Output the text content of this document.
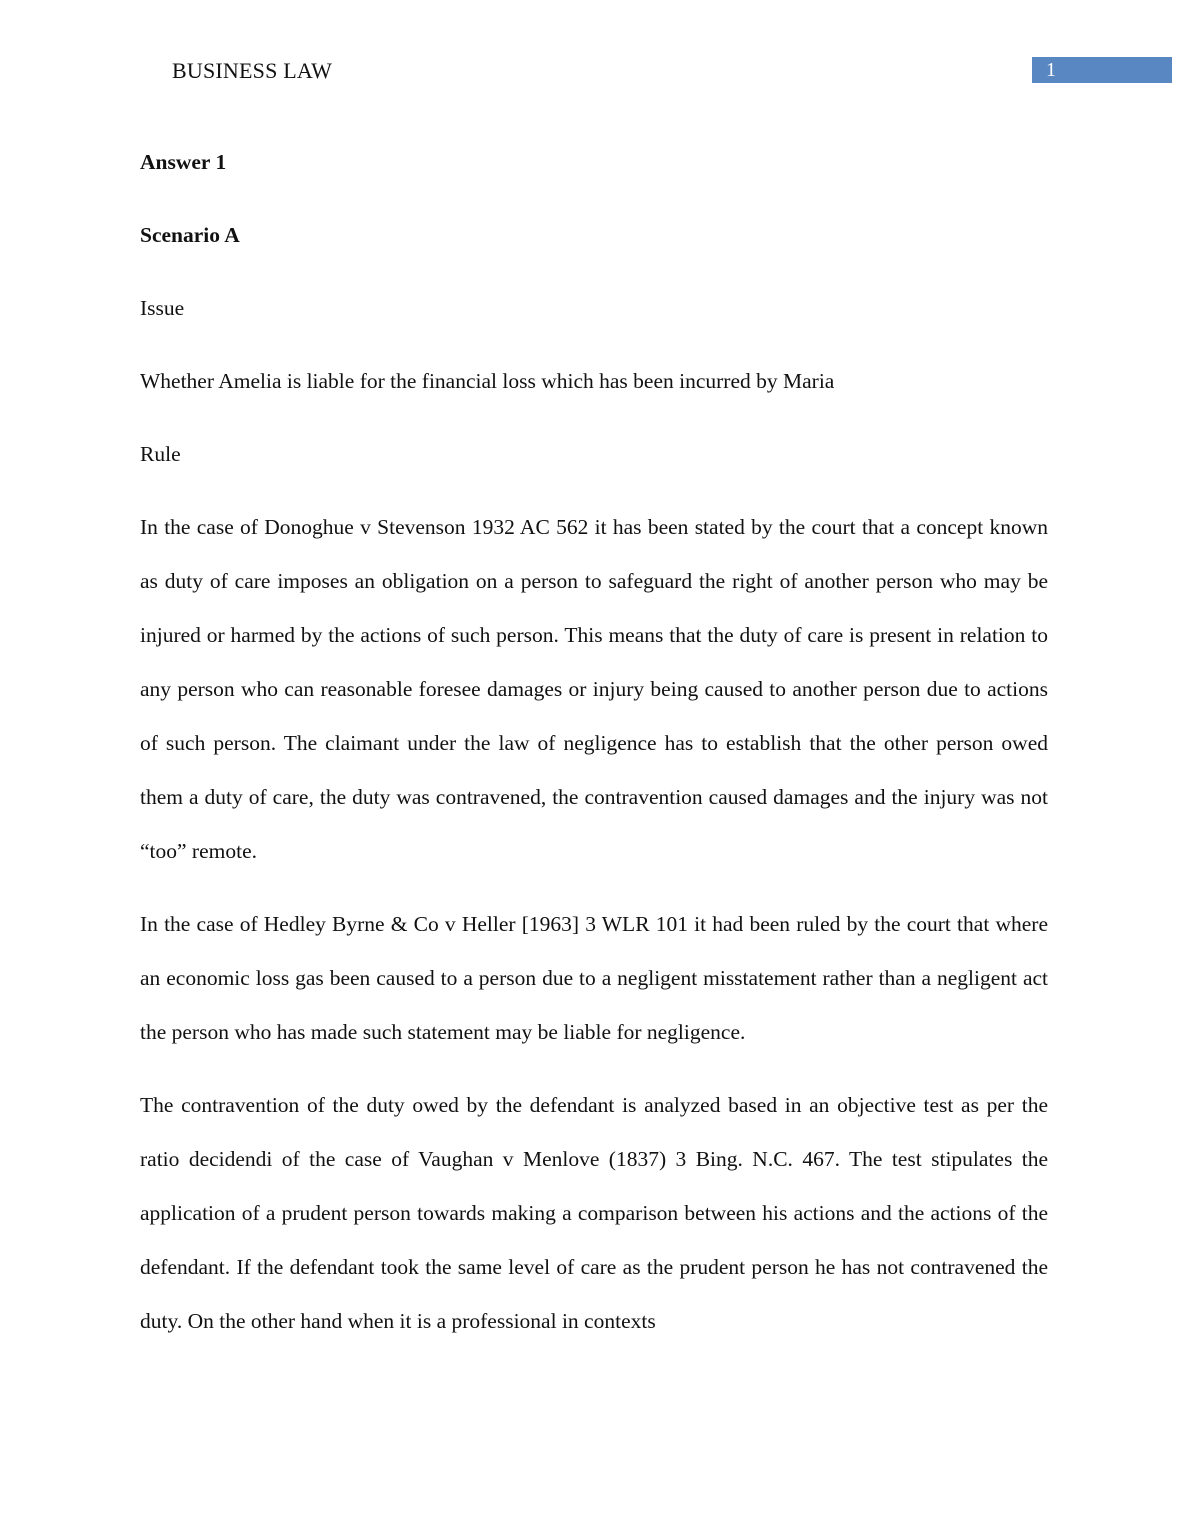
BUSINESS LAW	1

Answer 1

Scenario A

Issue

Whether Amelia is liable for the financial loss which has been incurred by Maria

Rule

In the case of Donoghue v Stevenson 1932 AC 562 it has been stated by the court that a concept known as duty of care imposes an obligation on a person to safeguard the right of another person who may be injured or harmed by the actions of such person. This means that the duty of care is present in relation to any person who can reasonable foresee damages or injury being caused to another person due to actions of such person. The claimant under the law of negligence has to establish that the other person owed them a duty of care, the duty was contravened, the contravention caused damages and the injury was not “too” remote.

In the case of Hedley Byrne & Co v Heller [1963] 3 WLR 101 it had been ruled by the court that where an economic loss gas been caused to a person due to a negligent misstatement rather than a negligent act the person who has made such statement may be liable for negligence.

The contravention of the duty owed by the defendant is analyzed based in an objective test as per the ratio decidendi of the case of Vaughan v Menlove (1837) 3 Bing. N.C. 467. The test stipulates the application of a prudent person towards making a comparison between his actions and the actions of the defendant. If the defendant took the same level of care as the prudent person he has not contravened the duty. On the other hand when it is a professional in contexts
